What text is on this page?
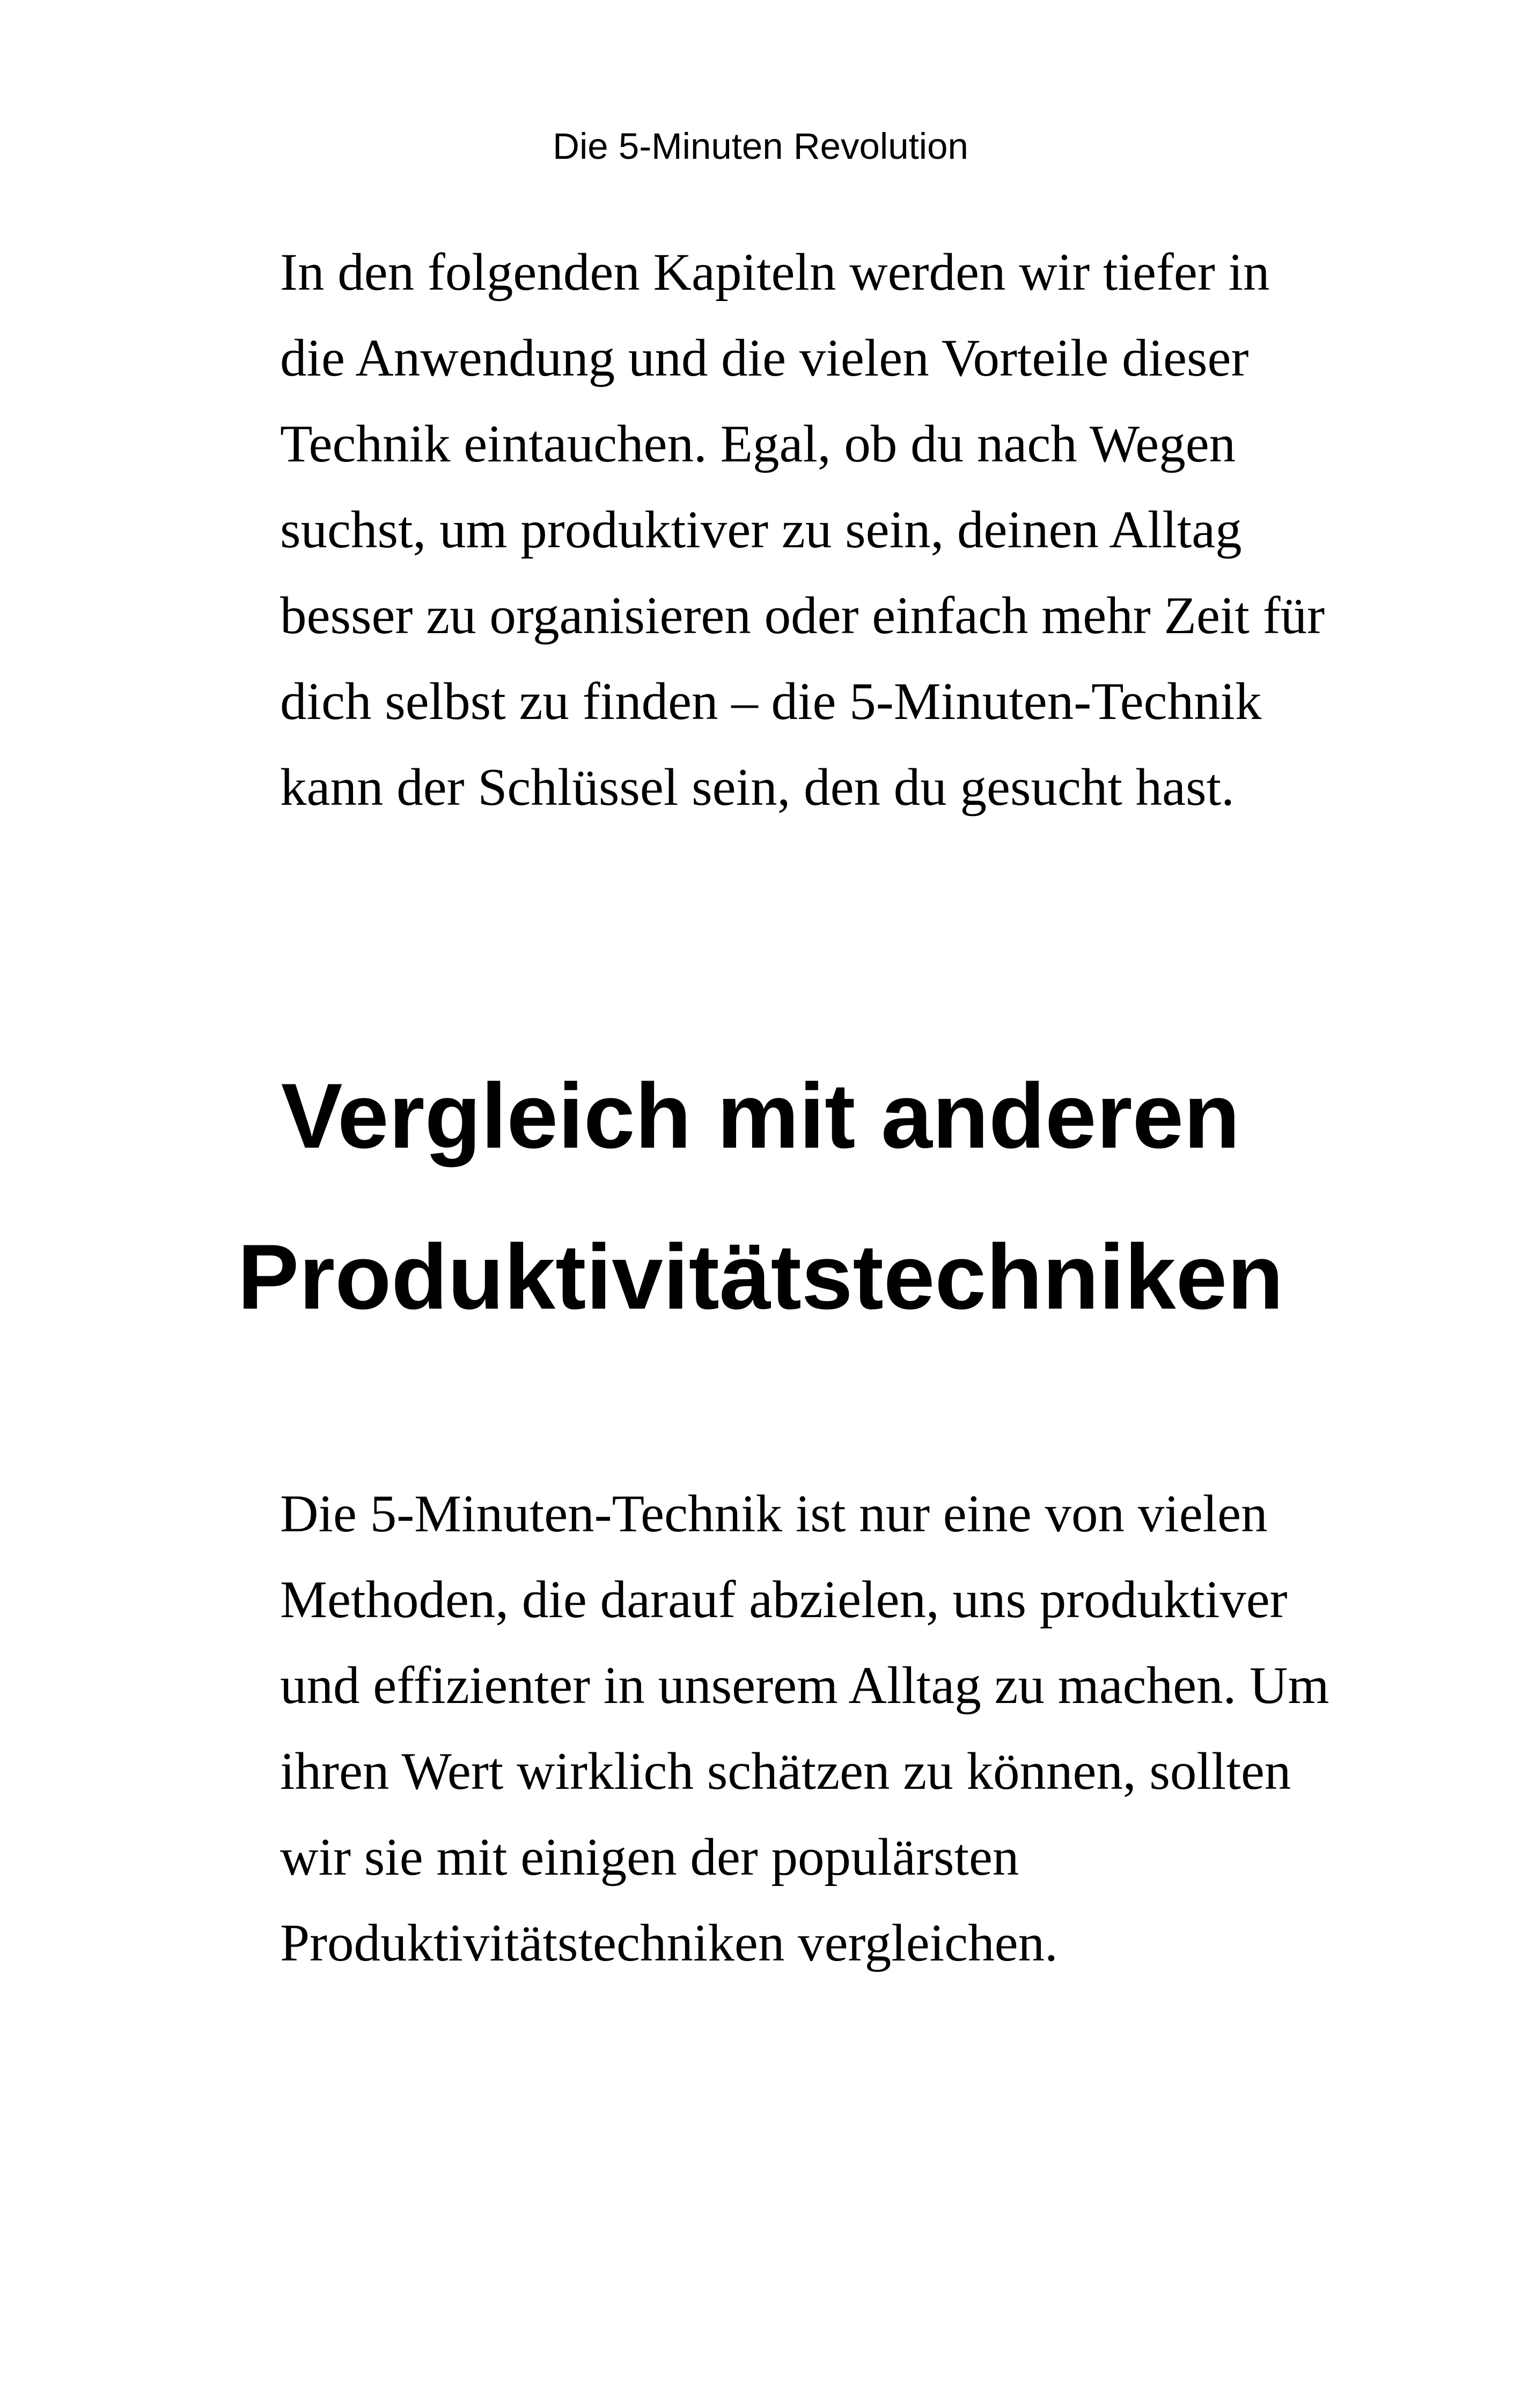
Die 5-Minuten Revolution

In den folgenden Kapiteln werden wir tiefer in
die Anwendung und die vielen Vorteile dieser
Technik eintauchen. Egal, ob du nach Wegen
suchst, um produktiver zu sein, deinen Alltag
besser zu organisieren oder einfach mehr Zeit für
dich selbst zu finden – die 5-Minuten-Technik
kann der Schlüssel sein, den du gesucht hast.

Vergleich mit anderen
Produktivitätstechniken

Die 5-Minuten-Technik ist nur eine von vielen
Methoden, die darauf abzielen, uns produktiver
und effizienter in unserem Alltag zu machen. Um
ihren Wert wirklich schätzen zu können, sollten
wir sie mit einigen der populärsten
Produktivitätstechniken vergleichen.
